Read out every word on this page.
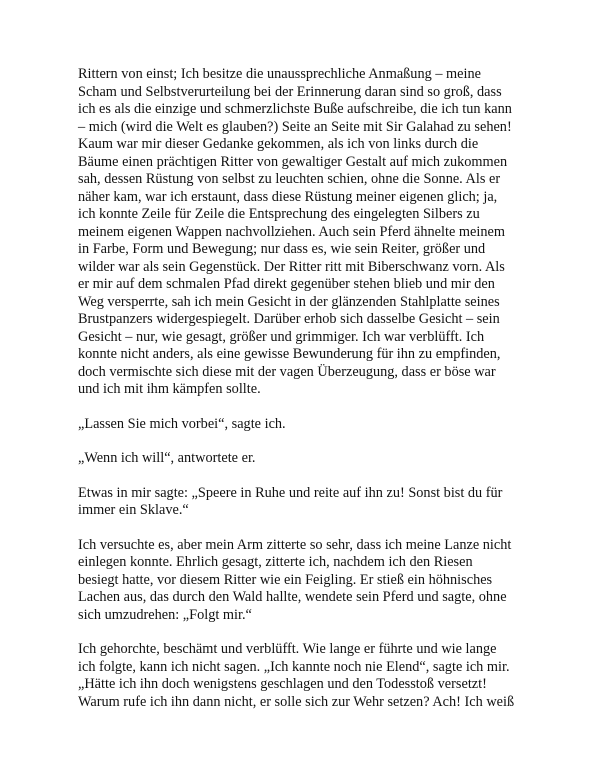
Rittern von einst; Ich besitze die unaussprechliche Anmaßung – meine
Scham und Selbstverurteilung bei der Erinnerung daran sind so groß, dass
ich es als die einzige und schmerzlichste Buße aufschreibe, die ich tun kann
– mich (wird die Welt es glauben?) Seite an Seite mit Sir Galahad zu sehen!
Kaum war mir dieser Gedanke gekommen, als ich von links durch die
Bäume einen prächtigen Ritter von gewaltiger Gestalt auf mich zukommen
sah, dessen Rüstung von selbst zu leuchten schien, ohne die Sonne. Als er
näher kam, war ich erstaunt, dass diese Rüstung meiner eigenen glich; ja,
ich konnte Zeile für Zeile die Entsprechung des eingelegten Silbers zu
meinem eigenen Wappen nachvollziehen. Auch sein Pferd ähnelte meinem
in Farbe, Form und Bewegung; nur dass es, wie sein Reiter, größer und
wilder war als sein Gegenstück. Der Ritter ritt mit Biberschwanz vorn. Als
er mir auf dem schmalen Pfad direkt gegenüber stehen blieb und mir den
Weg versperrte, sah ich mein Gesicht in der glänzenden Stahlplatte seines
Brustpanzers widergespiegelt. Darüber erhob sich dasselbe Gesicht – sein
Gesicht – nur, wie gesagt, größer und grimmiger. Ich war verblüfft. Ich
konnte nicht anders, als eine gewisse Bewunderung für ihn zu empfinden,
doch vermischte sich diese mit der vagen Überzeugung, dass er böse war
und ich mit ihm kämpfen sollte.

„Lassen Sie mich vorbei“, sagte ich.

„Wenn ich will“, antwortete er.

Etwas in mir sagte: „Speere in Ruhe und reite auf ihn zu! Sonst bist du für
immer ein Sklave.“

Ich versuchte es, aber mein Arm zitterte so sehr, dass ich meine Lanze nicht
einlegen konnte. Ehrlich gesagt, zitterte ich, nachdem ich den Riesen
besiegt hatte, vor diesem Ritter wie ein Feigling. Er stieß ein höhnisches
Lachen aus, das durch den Wald hallte, wendete sein Pferd und sagte, ohne
sich umzudrehen: „Folgt mir.“

Ich gehorchte, beschämt und verblüfft. Wie lange er führte und wie lange
ich folgte, kann ich nicht sagen. „Ich kannte noch nie Elend“, sagte ich mir.
„Hätte ich ihn doch wenigstens geschlagen und den Todesstoß versetzt!
Warum rufe ich ihn dann nicht, er solle sich zur Wehr setzen? Ach! Ich weiß
